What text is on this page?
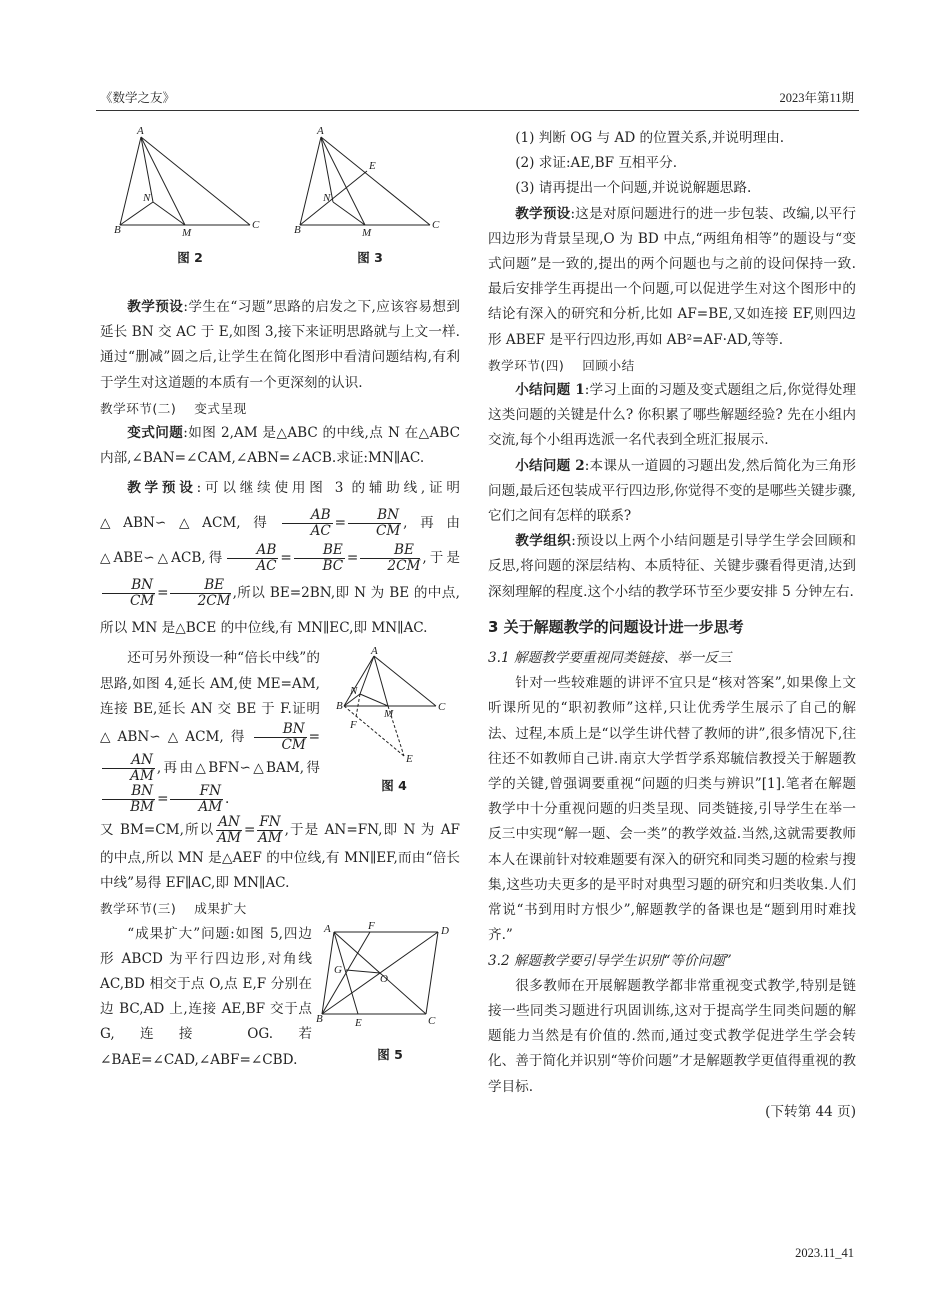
《数学之友》	2023年第11期
A
B	C
M
N
图 2
A
B	C
M
N
E
图 3

教学预设:学生在“习题”思路的启发之下,应该容易想到延长 BN 交 AC 于 E,如图 3,接下来证明思路就与上文一样.通过“删减”圆之后,让学生在简化图形中看清问题结构,有利于学生对这道题的本质有一个更深刻的认识.

教学环节(二) 变式呈现

变式问题:如图 2,AM 是△ABC 的中线,点 N 在△ABC 内部,∠BAN=∠CAM,∠ABN=∠ACB.求证:MN∥AC.

教学预设:可以继续使用图 3 的辅助线,证明△ABN∽△ACM,得 $\frac{AB}{AC} = \frac{BN}{CM}$ ,再由△ABE∽△ACB,得 $\frac{AB}{AC} = \frac{BE}{BC} = \frac{BE}{2CM}$ ,于是
$\frac{BN}{CM} = \frac{BE}{2CM}$ ,所以 BE=2BN,即 N 为 BE 的中点,所以 MN 是△BCE 的中位线,有 MN∥EC,即 MN∥AC.

A
B	C
M
N
F
E
图 4

还可另外预设一种“倍长中线”的思路,如图 4,延长 AM,使 ME=AM,连接 BE,延长 AN 交 BE 于 F.证明△ABN∽△ACM,得 $\frac{BN}{CM}$ =
$\frac{AN}{AM}$ ,再由△BFN∽△BAM,得
$\frac{BN}{BM} = \frac{FN}{AM}$ .

又 BM=CM,所以 $\frac{AN}{AM} = \frac{FN}{AM}$ ,于是 AN=FN,即 N 为 AF 的中点,所以 MN 是△AEF 的中位线,有 MN∥EF,而由“倍长中线”易得 EF∥AC,即 MN∥AC.

教学环节(三) 成果扩大
A
B	C
D
E
F
G
O
图 5

“成果扩大”问题:如图 5,四边形 ABCD 为平行四边形,对角线 AC,BD 相交于点 O,点 E,F 分别在边 BC,AD 上,连接 AE,BF 交于点 G,连接 OG.若∠BAE=∠CAD,∠ABF=∠CBD.

(1) 判断 OG 与 AD 的位置关系,并说明理由.

(2) 求证:AE,BF 互相平分.

(3) 请再提出一个问题,并说说解题思路.

教学预设:这是对原问题进行的进一步包装、改编,以平行四边形为背景呈现,O 为 BD 中点,“两组角相等”的题设与“变式问题”是一致的,提出的两个问题也与之前的设问保持一致.最后安排学生再提出一个问题,可以促进学生对这个图形中的结论有深入的研究和分析,比如 AF=BE,又如连接 EF,则四边形 ABEF 是平行四边形,再如 AB²=AF·AD,等等.

教学环节(四) 回顾小结

小结问题 1:学习上面的习题及变式题组之后,你觉得处理这类问题的关键是什么? 你积累了哪些解题经验? 先在小组内交流,每个小组再选派一名代表到全班汇报展示.

小结问题 2:本课从一道圆的习题出发,然后简化为三角形问题,最后还包装成平行四边形,你觉得不变的是哪些关键步骤,它们之间有怎样的联系?

教学组织:预设以上两个小结问题是引导学生学会回顾和反思,将问题的深层结构、本质特征、关键步骤看得更清,达到深刻理解的程度.这个小结的教学环节至少要安排 5 分钟左右.

3 关于解题教学的问题设计进一步思考

3.1 解题教学要重视同类链接、举一反三

针对一些较难题的讲评不宜只是“核对答案”,如果像上文听课所见的“职初教师”这样,只让优秀学生展示了自己的解法、过程,本质上是“以学生讲代替了教师的讲”,很多情况下,往往还不如教师自己讲.南京大学哲学系郑毓信教授关于解题教学的关键,曾强调要重视“问题的归类与辨识”[1].笔者在解题教学中十分重视问题的归类呈现、同类链接,引导学生在举一反三中实现“解一题、会一类”的教学效益.当然,这就需要教师本人在课前针对较难题要有深入的研究和同类习题的检索与搜集,这些功夫更多的是平时对典型习题的研究和归类收集.人们常说“书到用时方恨少”,解题教学的备课也是“题到用时难找齐.”

3.2 解题教学要引导学生识别“等价问题”

很多教师在开展解题教学都非常重视变式教学,特别是链接一些同类习题进行巩固训练,这对于提高学生同类问题的解题能力当然是有价值的.然而,通过变式教学促进学生学会转化、善于简化并识别“等价问题”才是解题教学更值得重视的教学目标.

(下转第 44 页)

2023.11_41
